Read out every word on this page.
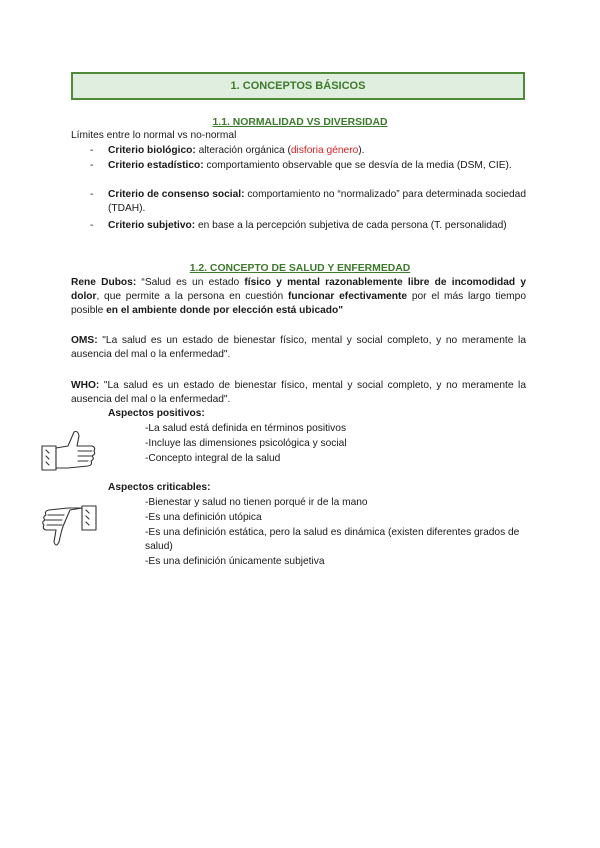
1. CONCEPTOS BÁSICOS
1.1. NORMALIDAD VS DIVERSIDAD
Límites entre lo normal vs no-normal
- Criterio biológico: alteración orgánica (disforia género).
- Criterio estadístico: comportamiento observable que se desvía de la media (DSM, CIE).
- Criterio de consenso social: comportamiento no “normalizado” para determinada sociedad (TDAH).
- Criterio subjetivo: en base a la percepción subjetiva de cada persona (T. personalidad)
1.2. CONCEPTO DE SALUD Y ENFERMEDAD
Rene Dubos: “Salud es un estado físico y mental razonablemente libre de incomodidad y dolor, que permite a la persona en cuestión funcionar efectivamente por el más largo tiempo posible en el ambiente donde por elección está ubicado"
OMS: "La salud es un estado de bienestar físico, mental y social completo, y no meramente la ausencia del mal o la enfermedad".
WHO: "La salud es un estado de bienestar físico, mental y social completo, y no meramente la ausencia del mal o la enfermedad".
Aspectos positivos:
-La salud está definida en términos positivos
-Incluye las dimensiones psicológica y social
-Concepto integral de la salud
Aspectos criticables:
-Bienestar y salud no tienen porqué ir de la mano
-Es una definición utópica
-Es una definición estática, pero la salud es dinámica (existen diferentes grados de salud)
-Es una definición únicamente subjetiva
